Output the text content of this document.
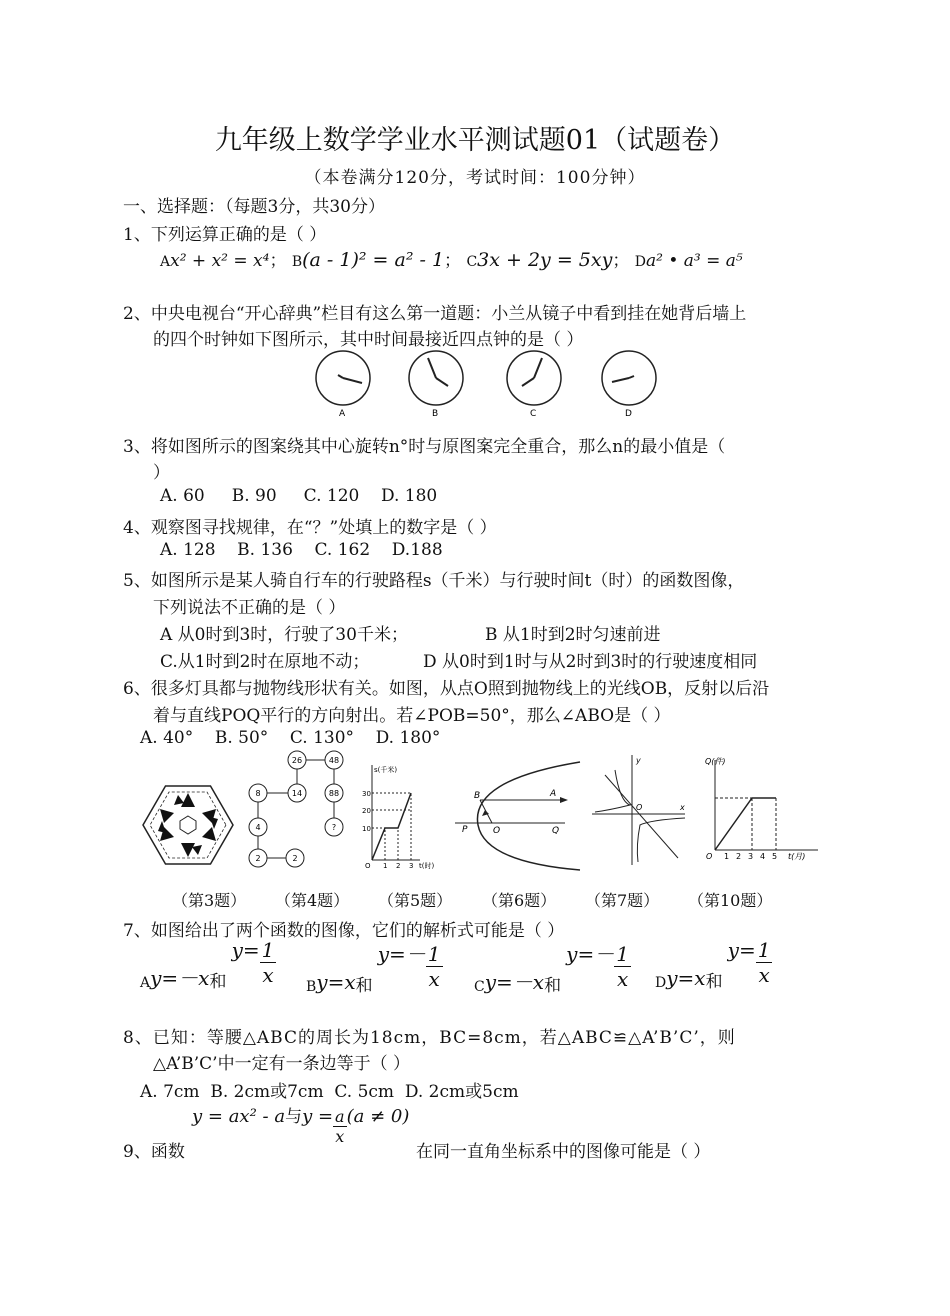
九年级上数学学业水平测试题01（试题卷）
（本卷满分120分，考试时间：100分钟）
一、选择题：（每题3分，共30分）
1、下列运算正确的是（ ）
Ax² + x² = x⁴； B(a - 1)² = a² - 1； C3x + 2y = 5xy； Da² • a³ = a⁵
2、中央电视台“开心辞典”栏目有这么第一道题：小兰从镜子中看到挂在她背后墙上
的四个时钟如下图所示，其中时间最接近四点钟的是（ ）
A	B	C	D
3、将如图所示的图案绕其中心旋转n°时与原图案完全重合，那么n的最小值是（
）
A. 60     B. 90     C. 120    D. 180
4、观察图寻找规律，在“？”处填上的数字是（ ）
A. 128    B. 136    C. 162    D.188
5、如图所示是某人骑自行车的行驶路程s（千米）与行驶时间t（时）的函数图像，
下列说法不正确的是（ ）
A 从0时到3时，行驶了30千米；	B 从1时到2时匀速前进
C.从1时到2时在原地不动；	D 从0时到1时与从2时到3时的行驶速度相同
6、很多灯具都与抛物线形状有关。如图，从点O照到抛物线上的光线OB，反射以后沿
着与直线POQ平行的方向射出。若∠POB=50°，那么∠ABO是（ ）
A. 40°    B. 50°    C. 130°    D. 180°
26	48
8	14	88
4	?
2	2
s(千米)
30
20
10
1 2 3 t(时)
O
B	A
P	O	Q
y
O	x
Q(件)
1 2 3 4 5 t(月)
O
（第3题） （第4题） （第5题） （第6题） （第7题） （第10题）
7、如图给出了两个函数的图像，它们的解析式可能是（ ）
Ay=－x和 $y= \frac{1}{x} By=x$和 $y=- \frac{1}{x} Cy=-x$和 $y=- \frac{1}{x} Dy=x$和 $y= \frac{1}{x}$
8、已知：等腰△ABC的周长为18cm，BC=8cm，若△ABC≌△A’B’C’，则
△A’B’C’中一定有一条边等于（ ）
A. 7cm  B. 2cm或7cm  C. 5cm  D. 2cm或5cm
9、函数
y = ax² - a与$y = \frac{a}{x} (a \ne 0)$
在同一直角坐标系中的图像可能是（ ）
